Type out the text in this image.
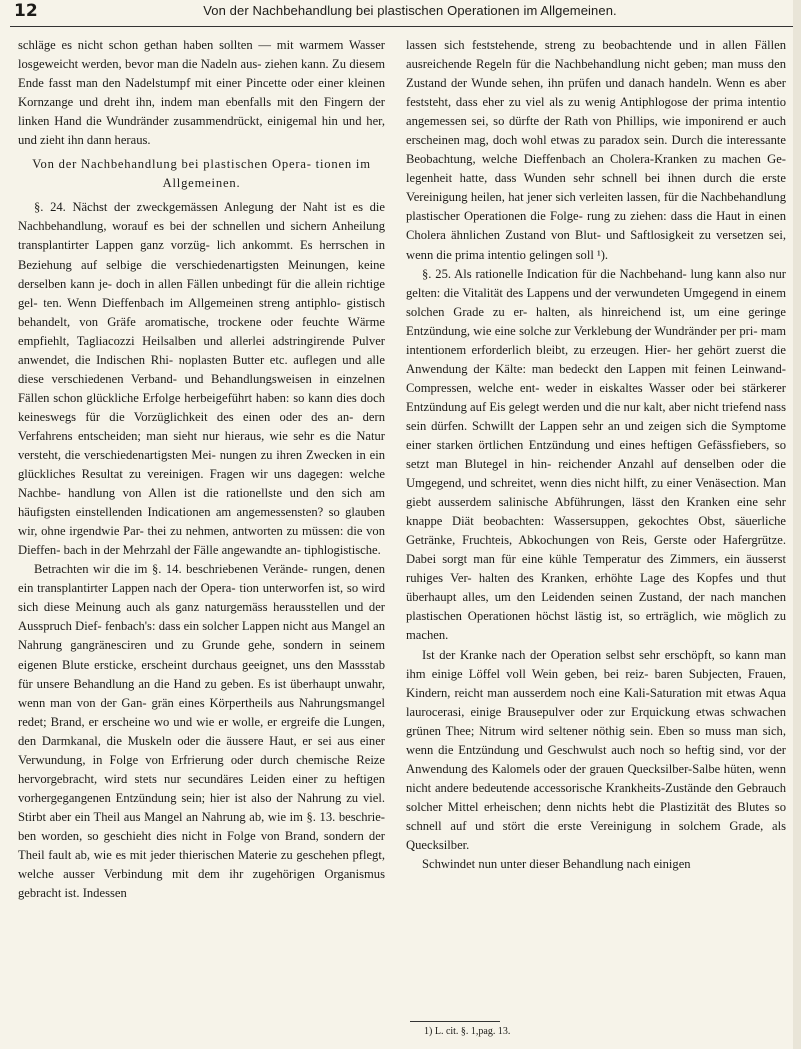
12	Von der Nachbehandlung bei plastischen Operationen im Allgemeinen.

schläge es nicht schon gethan haben sollten — mit warmem Wasser losgeweicht werden, bevor man die Nadeln aus- ziehen kann. Zu diesem Ende fasst man den Nadelstumpf mit einer Pincette oder einer kleinen Kornzange und dreht ihn, indem man ebenfalls mit den Fingern der linken Hand die Wundränder zusammendrückt, einigemal hin und her, und zieht ihn dann heraus.

Von der Nachbehandlung bei plastischen Opera- tionen im Allgemeinen.

§. 24. Nächst der zweckgemässen Anlegung der Naht ist es die Nachbehandlung, worauf es bei der schnellen und sichern Anheilung transplantirter Lappen ganz vorzüg- lich ankommt. Es herrschen in Beziehung auf selbige die verschiedenartigsten Meinungen, keine derselben kann je- doch in allen Fällen unbedingt für die allein richtige gel- ten. Wenn Dieffenbach im Allgemeinen streng antiphlo- gistisch behandelt, von Gräfe aromatische, trockene oder feuchte Wärme empfiehlt, Tagliacozzi Heilsalben und allerlei adstringirende Pulver anwendet, die Indischen Rhi- noplasten Butter etc. auflegen und alle diese verschiedenen Verband- und Behandlungsweisen in einzelnen Fällen schon glückliche Erfolge herbeigeführt haben: so kann dies doch keineswegs für die Vorzüglichkeit des einen oder des an- dern Verfahrens entscheiden; man sieht nur hieraus, wie sehr es die Natur versteht, die verschiedenartigsten Mei- nungen zu ihren Zwecken in ein glückliches Resultat zu vereinigen. Fragen wir uns dagegen: welche Nachbe- handlung von Allen ist die rationellste und den sich am häufigsten einstellenden Indicationen am angemessensten? so glauben wir, ohne irgendwie Par- thei zu nehmen, antworten zu müssen: die von Dieffen- bach in der Mehrzahl der Fälle angewandte an- tiphlogistische.

Betrachten wir die im §. 14. beschriebenen Verände- rungen, denen ein transplantirter Lappen nach der Opera- tion unterworfen ist, so wird sich diese Meinung auch als ganz naturgemäss herausstellen und der Ausspruch Dief- fenbach's: dass ein solcher Lappen nicht aus Mangel an Nahrung gangränesciren und zu Grunde gehe, sondern in seinem eigenen Blute ersticke, erscheint durchaus geeignet, uns den Massstab für unsere Behandlung an die Hand zu geben. Es ist überhaupt unwahr, wenn man von der Gan- grän eines Körpertheils aus Nahrungsmangel redet; Brand, er erscheine wo und wie er wolle, er ergreife die Lungen, den Darmkanal, die Muskeln oder die äussere Haut, er sei aus einer Verwundung, in Folge von Erfrierung oder durch chemische Reize hervorgebracht, wird stets nur secundäres Leiden einer zu heftigen vorhergegangenen Entzündung sein; hier ist also der Nahrung zu viel. Stirbt aber ein Theil aus Mangel an Nahrung ab, wie im §. 13. beschrie- ben worden, so geschieht dies nicht in Folge von Brand, sondern der Theil fault ab, wie es mit jeder thierischen Materie zu geschehen pflegt, welche ausser Verbindung mit dem ihr zugehörigen Organismus gebracht ist. Indessen

lassen sich feststehende, streng zu beobachtende und in allen Fällen ausreichende Regeln für die Nachbehandlung nicht geben; man muss den Zustand der Wunde sehen, ihn prüfen und danach handeln. Wenn es aber feststeht, dass eher zu viel als zu wenig Antiphlogose der prima intentio angemessen sei, so dürfte der Rath von Phillips, wie imponirend er auch erscheinen mag, doch wohl etwas zu paradox sein. Durch die interessante Beobachtung, welche Dieffenbach an Cholera-Kranken zu machen Ge- legenheit hatte, dass Wunden sehr schnell bei ihnen durch die erste Vereinigung heilen, hat jener sich verleiten lassen, für die Nachbehandlung plastischer Operationen die Folge- rung zu ziehen: dass die Haut in einen Cholera ähnlichen Zustand von Blut- und Saftlosigkeit zu versetzen sei, wenn die prima intentio gelingen soll ¹).

§. 25. Als rationelle Indication für die Nachbehand- lung kann also nur gelten: die Vitalität des Lappens und der verwundeten Umgegend in einem solchen Grade zu er- halten, als hinreichend ist, um eine geringe Entzündung, wie eine solche zur Verklebung der Wundränder per pri- mam intentionem erforderlich bleibt, zu erzeugen. Hier- her gehört zuerst die Anwendung der Kälte: man bedeckt den Lappen mit feinen Leinwand-Compressen, welche ent- weder in eiskaltes Wasser oder bei stärkerer Entzündung auf Eis gelegt werden und die nur kalt, aber nicht triefend nass sein dürfen. Schwillt der Lappen sehr an und zeigen sich die Symptome einer starken örtlichen Entzündung und eines heftigen Gefässfiebers, so setzt man Blutegel in hin- reichender Anzahl auf denselben oder die Umgegend, und schreitet, wenn dies nicht hilft, zu einer Venäsection. Man giebt ausserdem salinische Abführungen, lässt den Kranken eine sehr knappe Diät beobachten: Wassersuppen, gekochtes Obst, säuerliche Getränke, Fruchteis, Abkochungen von Reis, Gerste oder Hafergrütze. Dabei sorgt man für eine kühle Temperatur des Zimmers, ein äusserst ruhiges Ver- halten des Kranken, erhöhte Lage des Kopfes und thut überhaupt alles, um den Leidenden seinen Zustand, der nach manchen plastischen Operationen höchst lästig ist, so erträglich, wie möglich zu machen.

Ist der Kranke nach der Operation selbst sehr erschöpft, so kann man ihm einige Löffel voll Wein geben, bei reiz- baren Subjecten, Frauen, Kindern, reicht man ausserdem noch eine Kali-Saturation mit etwas Aqua laurocerasi, einige Brausepulver oder zur Erquickung etwas schwachen grünen Thee; Nitrum wird seltener nöthig sein. Eben so muss man sich, wenn die Entzündung und Geschwulst auch noch so heftig sind, vor der Anwendung des Kalomels oder der grauen Quecksilber-Salbe hüten, wenn nicht andere bedeutende accessorische Krankheits-Zustände den Gebrauch solcher Mittel erheischen; denn nichts hebt die Plastizität des Blutes so schnell auf und stört die erste Vereinigung in solchem Grade, als Quecksilber.

Schwindet nun unter dieser Behandlung nach einigen

1) L. cit. §. 1,pag. 13.
